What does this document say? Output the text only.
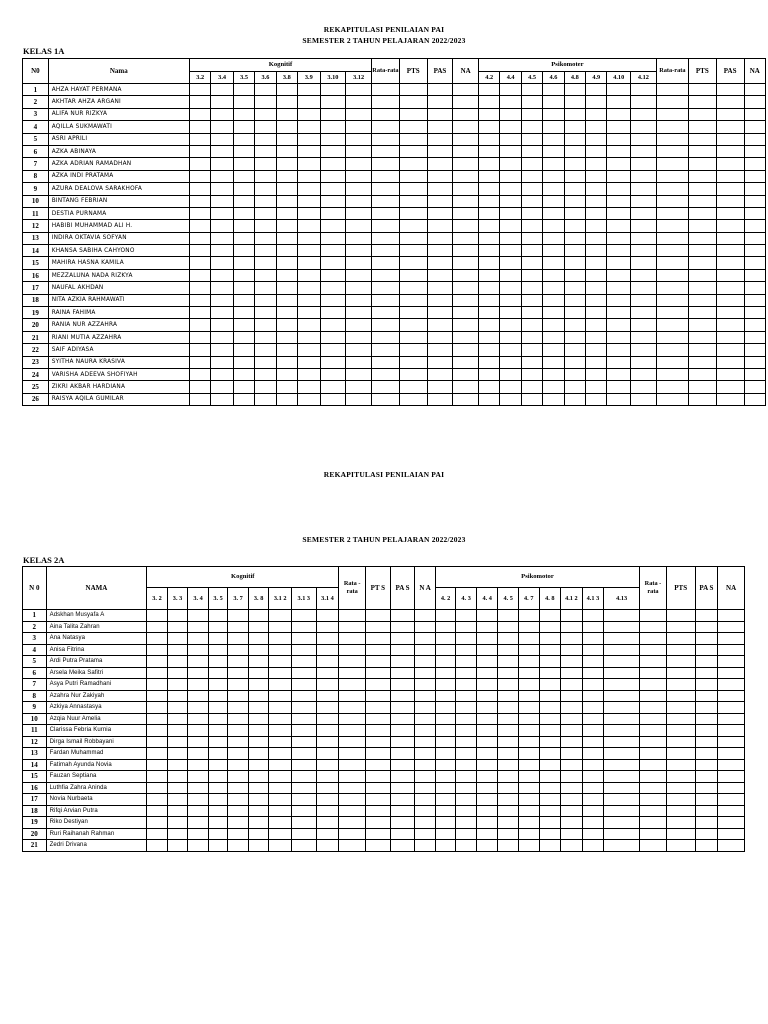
REKAPITULASI PENILAIAN PAI

SEMESTER 2 TAHUN PELAJARAN 2022/2023

KELAS 1A
N0	Nama	Kognitif								Rata-rata	PTS	PAS	NA	Psikomoter								Rata-rata	PTS	PAS	NA
		3.2	3.4	3.5	3.6	3.8	3.9	3.10	3.12					4.2	4.4	4.5	4.6	4.8	4.9	4.10	4.12				
1	AHZA HAYAT PERMANA																								
2	AKHTAR AHZA ARGANI																								
3	ALIFA NUR RIZKYA																								
4	AQILLA SUKMAWATI																								
5	ASRI APRILI																								
6	AZKA ABINAYA																								
7	AZKA ADRIAN RAMADHAN																								
8	AZKA INDI PRATAMA																								
9	AZURA DEALOVA SARAKHOFA																								
10	BINTANG FEBRIAN																								
11	DESTIA PURNAMA																								
12	HABIBI MUHAMMAD ALI H.																								
13	INDIRA OKTAVIA SOFYAN																								
14	KHANSA SABIHA CAHYONO																								
15	MAHIRA HASNA KAMILA																								
16	MEZZALUNA NADA RIZKYA																								
17	NAUFAL AKHDAN																								
18	NITA AZKIA RAHMAWATI																								
19	RAINA FAHIMA																								
20	RANIA NUR AZZAHRA																								
21	RIANI MUTIA AZZAHRA																								
22	SAIF ADIYASA																								
23	SYITHA NAURA KRASIVA																								
24	VARISHA ADEEVA SHOFIYAH																								
25	ZIKRI AKBAR HARDIANA																								
26	RAISYA AQILA GUMILAR																								

REKAPITULASI PENILAIAN PAI

SEMESTER 2 TAHUN PELAJARAN 2022/2023

KELAS 2A
N 0	NAMA	Kognitif									Rata -rata	PT S	PA S	N A	Psikomotor									Rata -rata	PTS	PA S	NA
		3. 2	3. 3	3. 4	3. 5	3. 7	3. 8	3.1 2	3.1 3	3.1 4					4. 2	4. 3	4. 4	4. 5	4. 7	4. 8	4.1 2	4.1 3	4.13				
1	Adskhan Musyafa A																										
2	Aina Talita Zahran																										
3	Ana Natasya																										
4	Anisa Fitrina																										
5	Ardi Putra Pratama																										
6	Arsela Meika Safitri																										
7	Asya Putri Ramadhani																										
8	Azahra Nur Zakiyah																										
9	Azkiya Annastasya																										
10	Azqia Nuur Amelia																										
11	Clarissa Febria Kurnia																										
12	Dirga Ismail Robbayani																										
13	Fardan Muhammad																										
14	Fatimah Ayunda Novia																										
15	Fauzan Septiana																										
16	Luthfia Zahra Aninda																										
17	Novia Nurbaeta																										
18	Rifqi Arvian Putra																										
19	Riko Destiyan																										
20	Ruri Raihanah Rahman																										
21	Zedri Drivana																										
